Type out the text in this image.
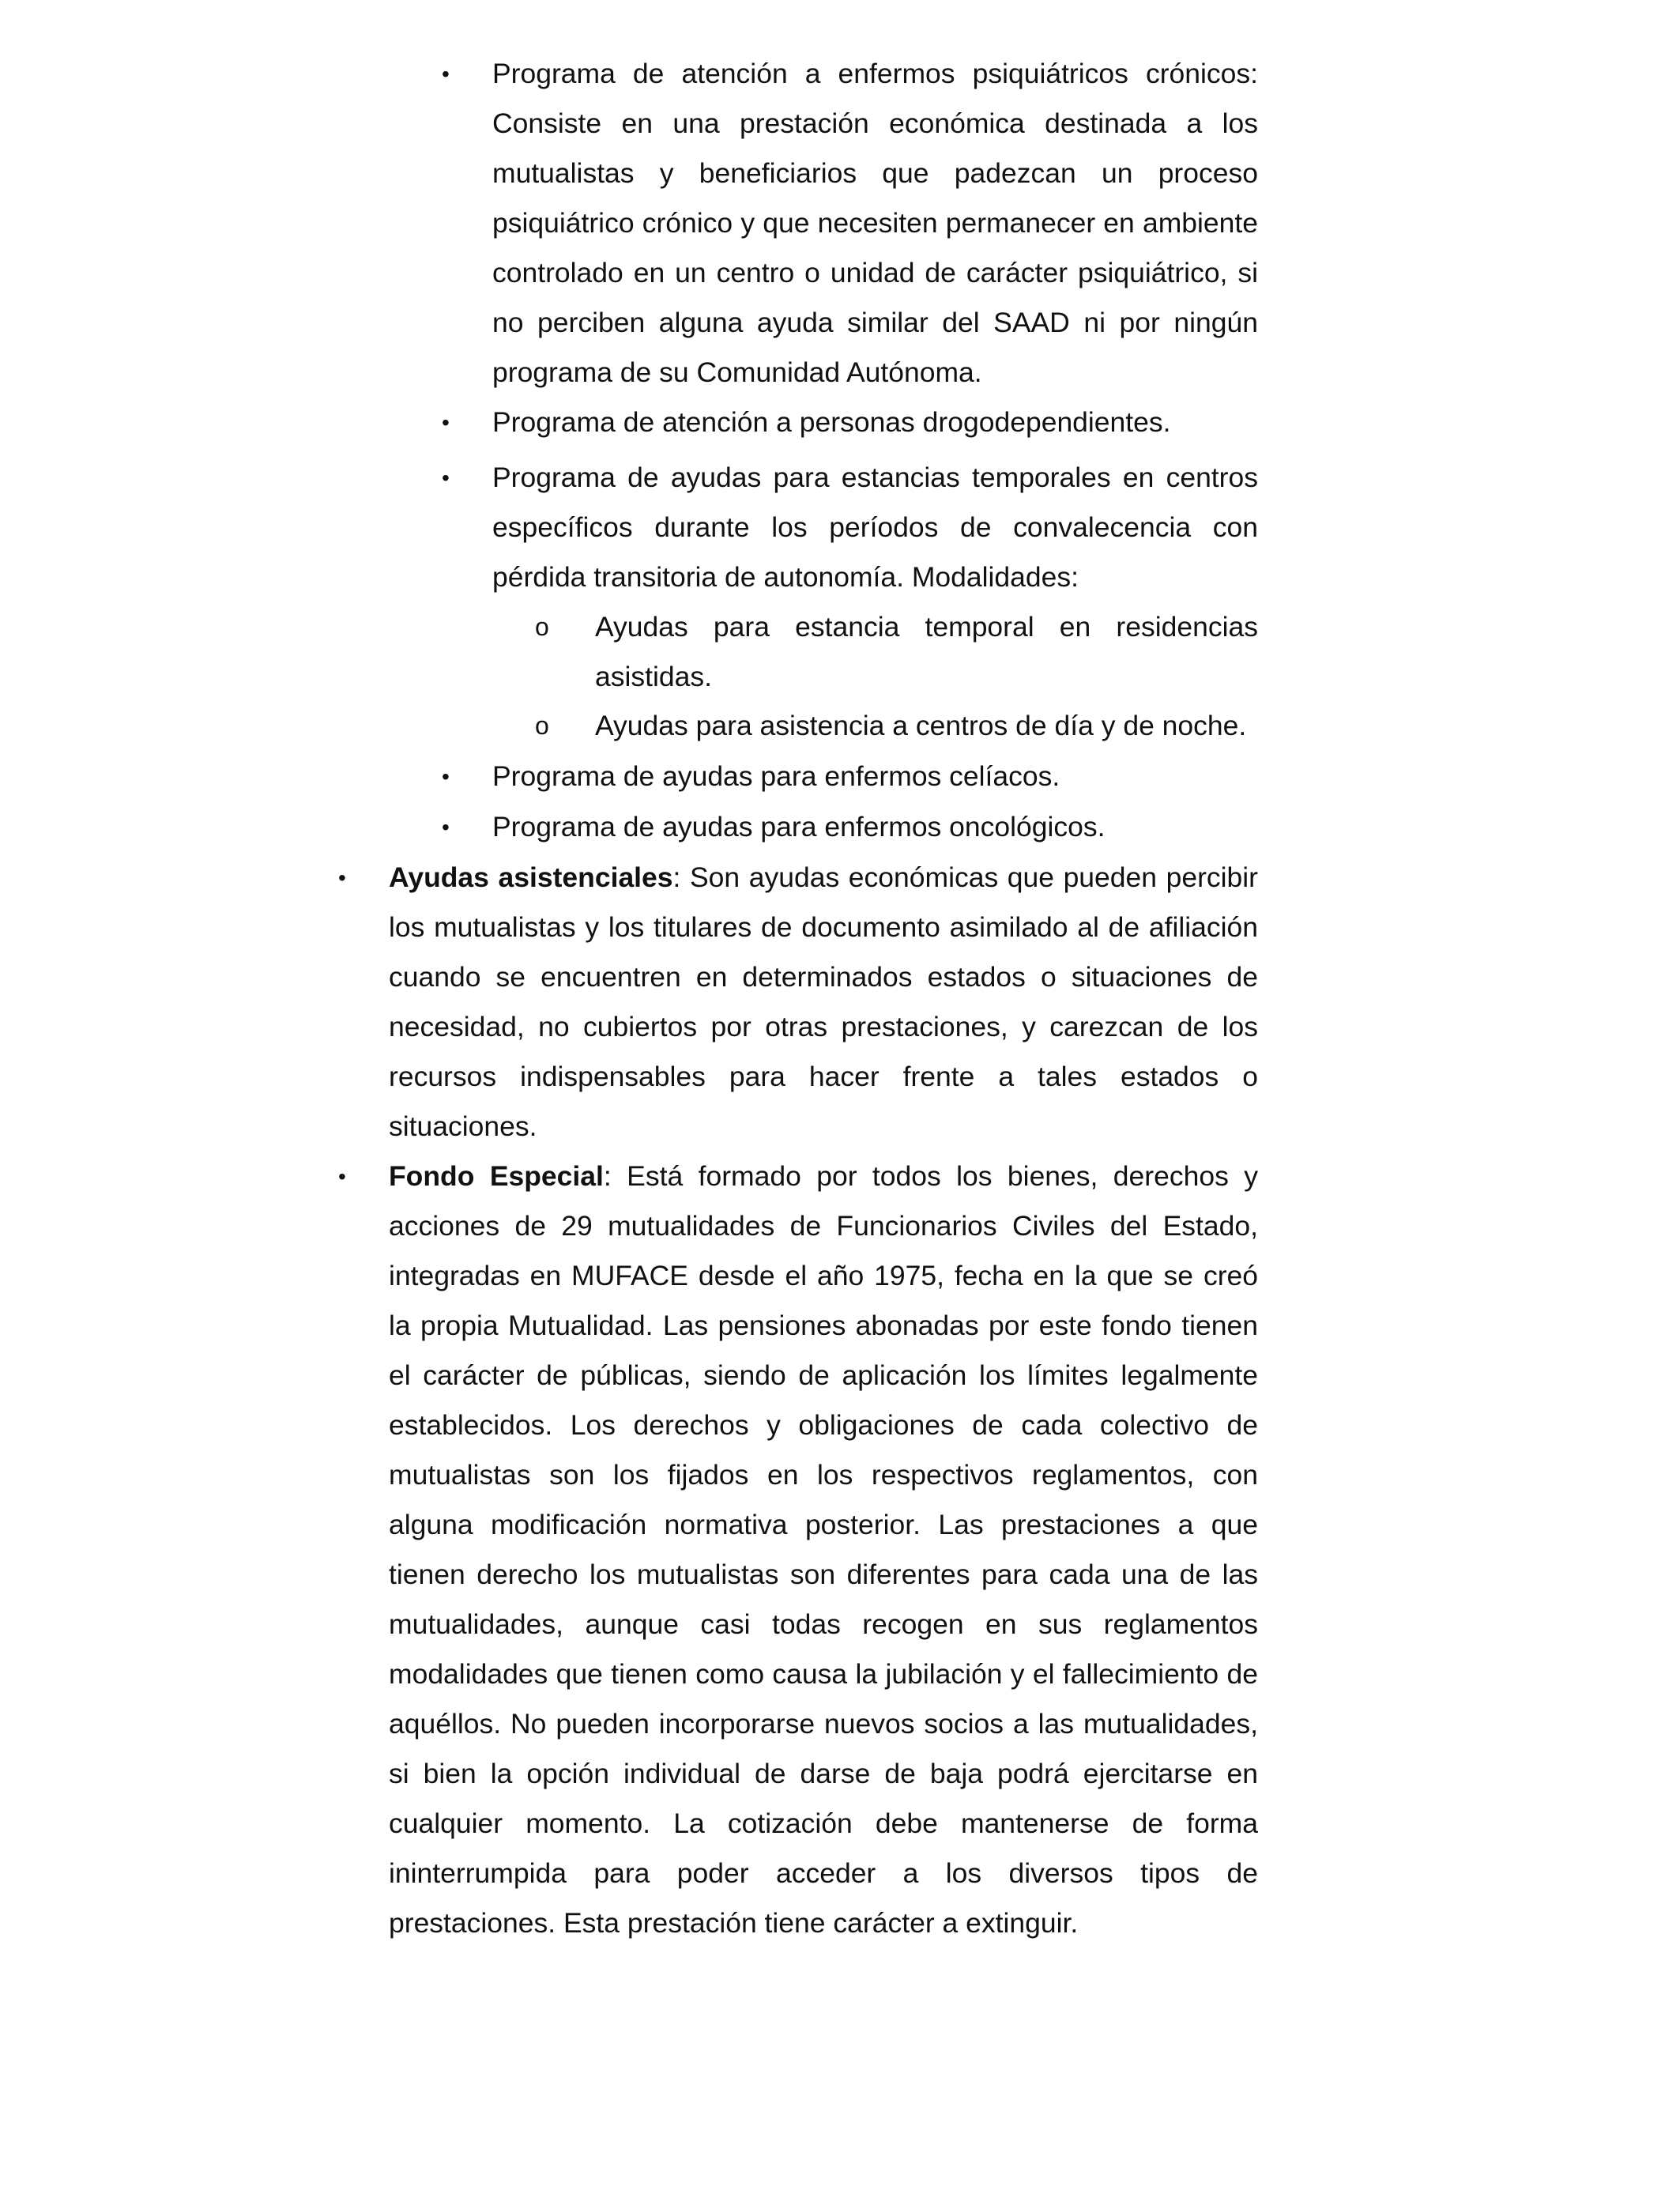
•	Programa de atención a enfermos psiquiátricos crónicos: Consiste en una prestación económica destinada a los mutualistas y beneficiarios que padezcan un proceso psiquiátrico crónico y que necesiten permanecer en ambiente controlado en un centro o unidad de carácter psiquiátrico, si no perciben alguna ayuda similar del SAAD ni por ningún programa de su Comunidad Autónoma.
•	Programa de atención a personas drogodependientes.
•	Programa de ayudas para estancias temporales en centros específicos durante los períodos de convalecencia con pérdida transitoria de autonomía. Modalidades:
o	Ayudas para estancia temporal en residencias asistidas.
o	Ayudas para asistencia a centros de día y de noche.
•	Programa de ayudas para enfermos celíacos.
•	Programa de ayudas para enfermos oncológicos.
•	Ayudas asistenciales: Son ayudas económicas que pueden percibir los mutualistas y los titulares de documento asimilado al de afiliación cuando se encuentren en determinados estados o situaciones de necesidad, no cubiertos por otras prestaciones, y carezcan de los recursos indispensables para hacer frente a tales estados o situaciones.
•	Fondo Especial: Está formado por todos los bienes, derechos y acciones de 29 mutualidades de Funcionarios Civiles del Estado, integradas en MUFACE desde el año 1975, fecha en la que se creó la propia Mutualidad. Las pensiones abonadas por este fondo tienen el carácter de públicas, siendo de aplicación los límites legalmente establecidos. Los derechos y obligaciones de cada colectivo de mutualistas son los fijados en los respectivos reglamentos, con alguna modificación normativa posterior. Las prestaciones a que tienen derecho los mutualistas son diferentes para cada una de las mutualidades, aunque casi todas recogen en sus reglamentos modalidades que tienen como causa la jubilación y el fallecimiento de aquéllos. No pueden incorporarse nuevos socios a las mutualidades, si bien la opción individual de darse de baja podrá ejercitarse en cualquier momento. La cotización debe mantenerse de forma ininterrumpida para poder acceder a los diversos tipos de prestaciones. Esta prestación tiene carácter a extinguir.
